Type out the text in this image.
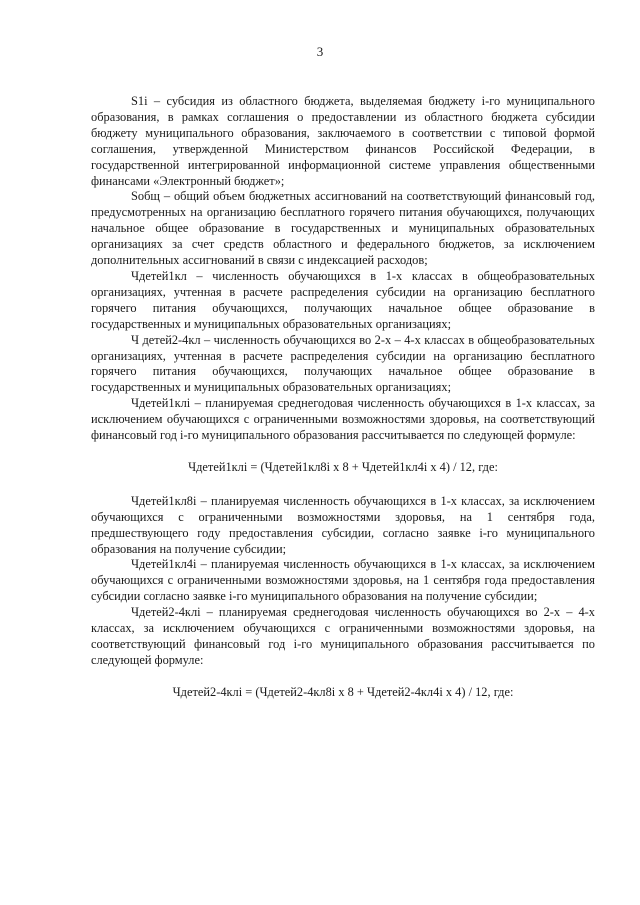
3

S1i – субсидия из областного бюджета, выделяемая бюджету i-го муниципального образования, в рамках соглашения о предоставлении из областного бюджета субсидии бюджету муниципального образования, заключаемого в соответствии с типовой формой соглашения, утвержденной Министерством финансов Российской Федерации, в государственной интегрированной информационной системе управления общественными финансами «Электронный бюджет»;

Sобщ – общий объем бюджетных ассигнований на соответствующий финансовый год, предусмотренных на организацию бесплатного горячего питания обучающихся, получающих начальное общее образование в государственных и муниципальных образовательных организациях за счет средств областного и федерального бюджетов, за исключением дополнительных ассигнований в связи с индексацией расходов;

Чдетей1кл – численность обучающихся в 1-х классах в общеобразовательных организациях, учтенная в расчете распределения субсидии на организацию бесплатного горячего питания обучающихся, получающих начальное общее образование в государственных и муниципальных образовательных организациях;

Ч детей2-4кл – численность обучающихся во 2-х – 4-х классах в общеобразовательных организациях, учтенная в расчете распределения субсидии на организацию бесплатного горячего питания обучающихся, получающих начальное общее образование в государственных и муниципальных образовательных организациях;

Чдетей1клi – планируемая среднегодовая численность обучающихся в 1-х классах, за исключением обучающихся с ограниченными возможностями здоровья, на соответствующий финансовый год i-го муниципального образования рассчитывается по следующей формуле:

Чдетей1клi = (Чдетей1кл8i х 8 + Чдетей1кл4i х 4) / 12, где:

Чдетей1кл8i – планируемая численность обучающихся в 1-х классах, за исключением обучающихся с ограниченными возможностями здоровья, на 1 сентября года, предшествующего году предоставления субсидии, согласно заявке i-го муниципального образования на получение субсидии;

Чдетей1кл4i – планируемая численность обучающихся в 1-х классах, за исключением обучающихся с ограниченными возможностями здоровья, на 1 сентября года предоставления субсидии согласно заявке i-го муниципального образования на получение субсидии;

Чдетей2-4клi – планируемая среднегодовая численность обучающихся во 2-х – 4-х классах, за исключением обучающихся с ограниченными возможностями здоровья, на соответствующий финансовый год i-го муниципального образования рассчитывается по следующей формуле:

Чдетей2-4клi = (Чдетей2-4кл8i х 8 + Чдетей2-4кл4i х 4) / 12, где:
